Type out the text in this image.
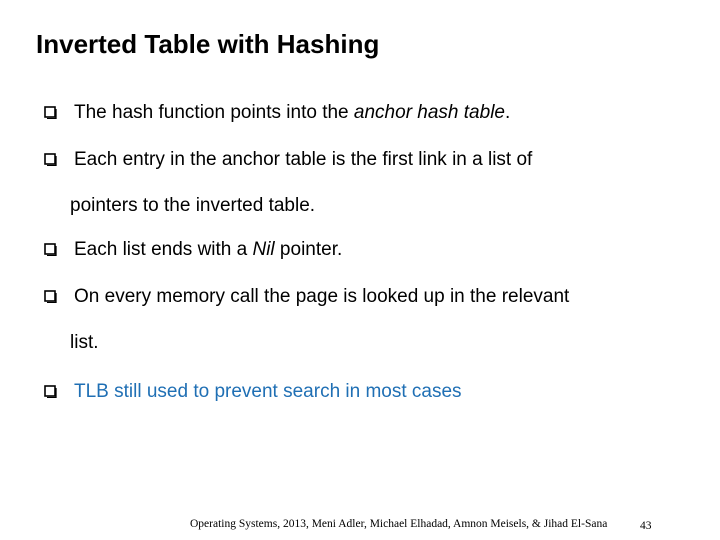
Inverted Table with Hashing
The hash function points into the anchor hash table.
Each entry in the anchor table is the first link in a list of
pointers to the inverted table.
Each list ends with a Nil pointer.
On every memory call the page is looked up in the relevant
list.
TLB still used to prevent search in most cases
Operating Systems, 2013, Meni Adler, Michael Elhadad, Amnon Meisels, & Jihad El-Sana	43
